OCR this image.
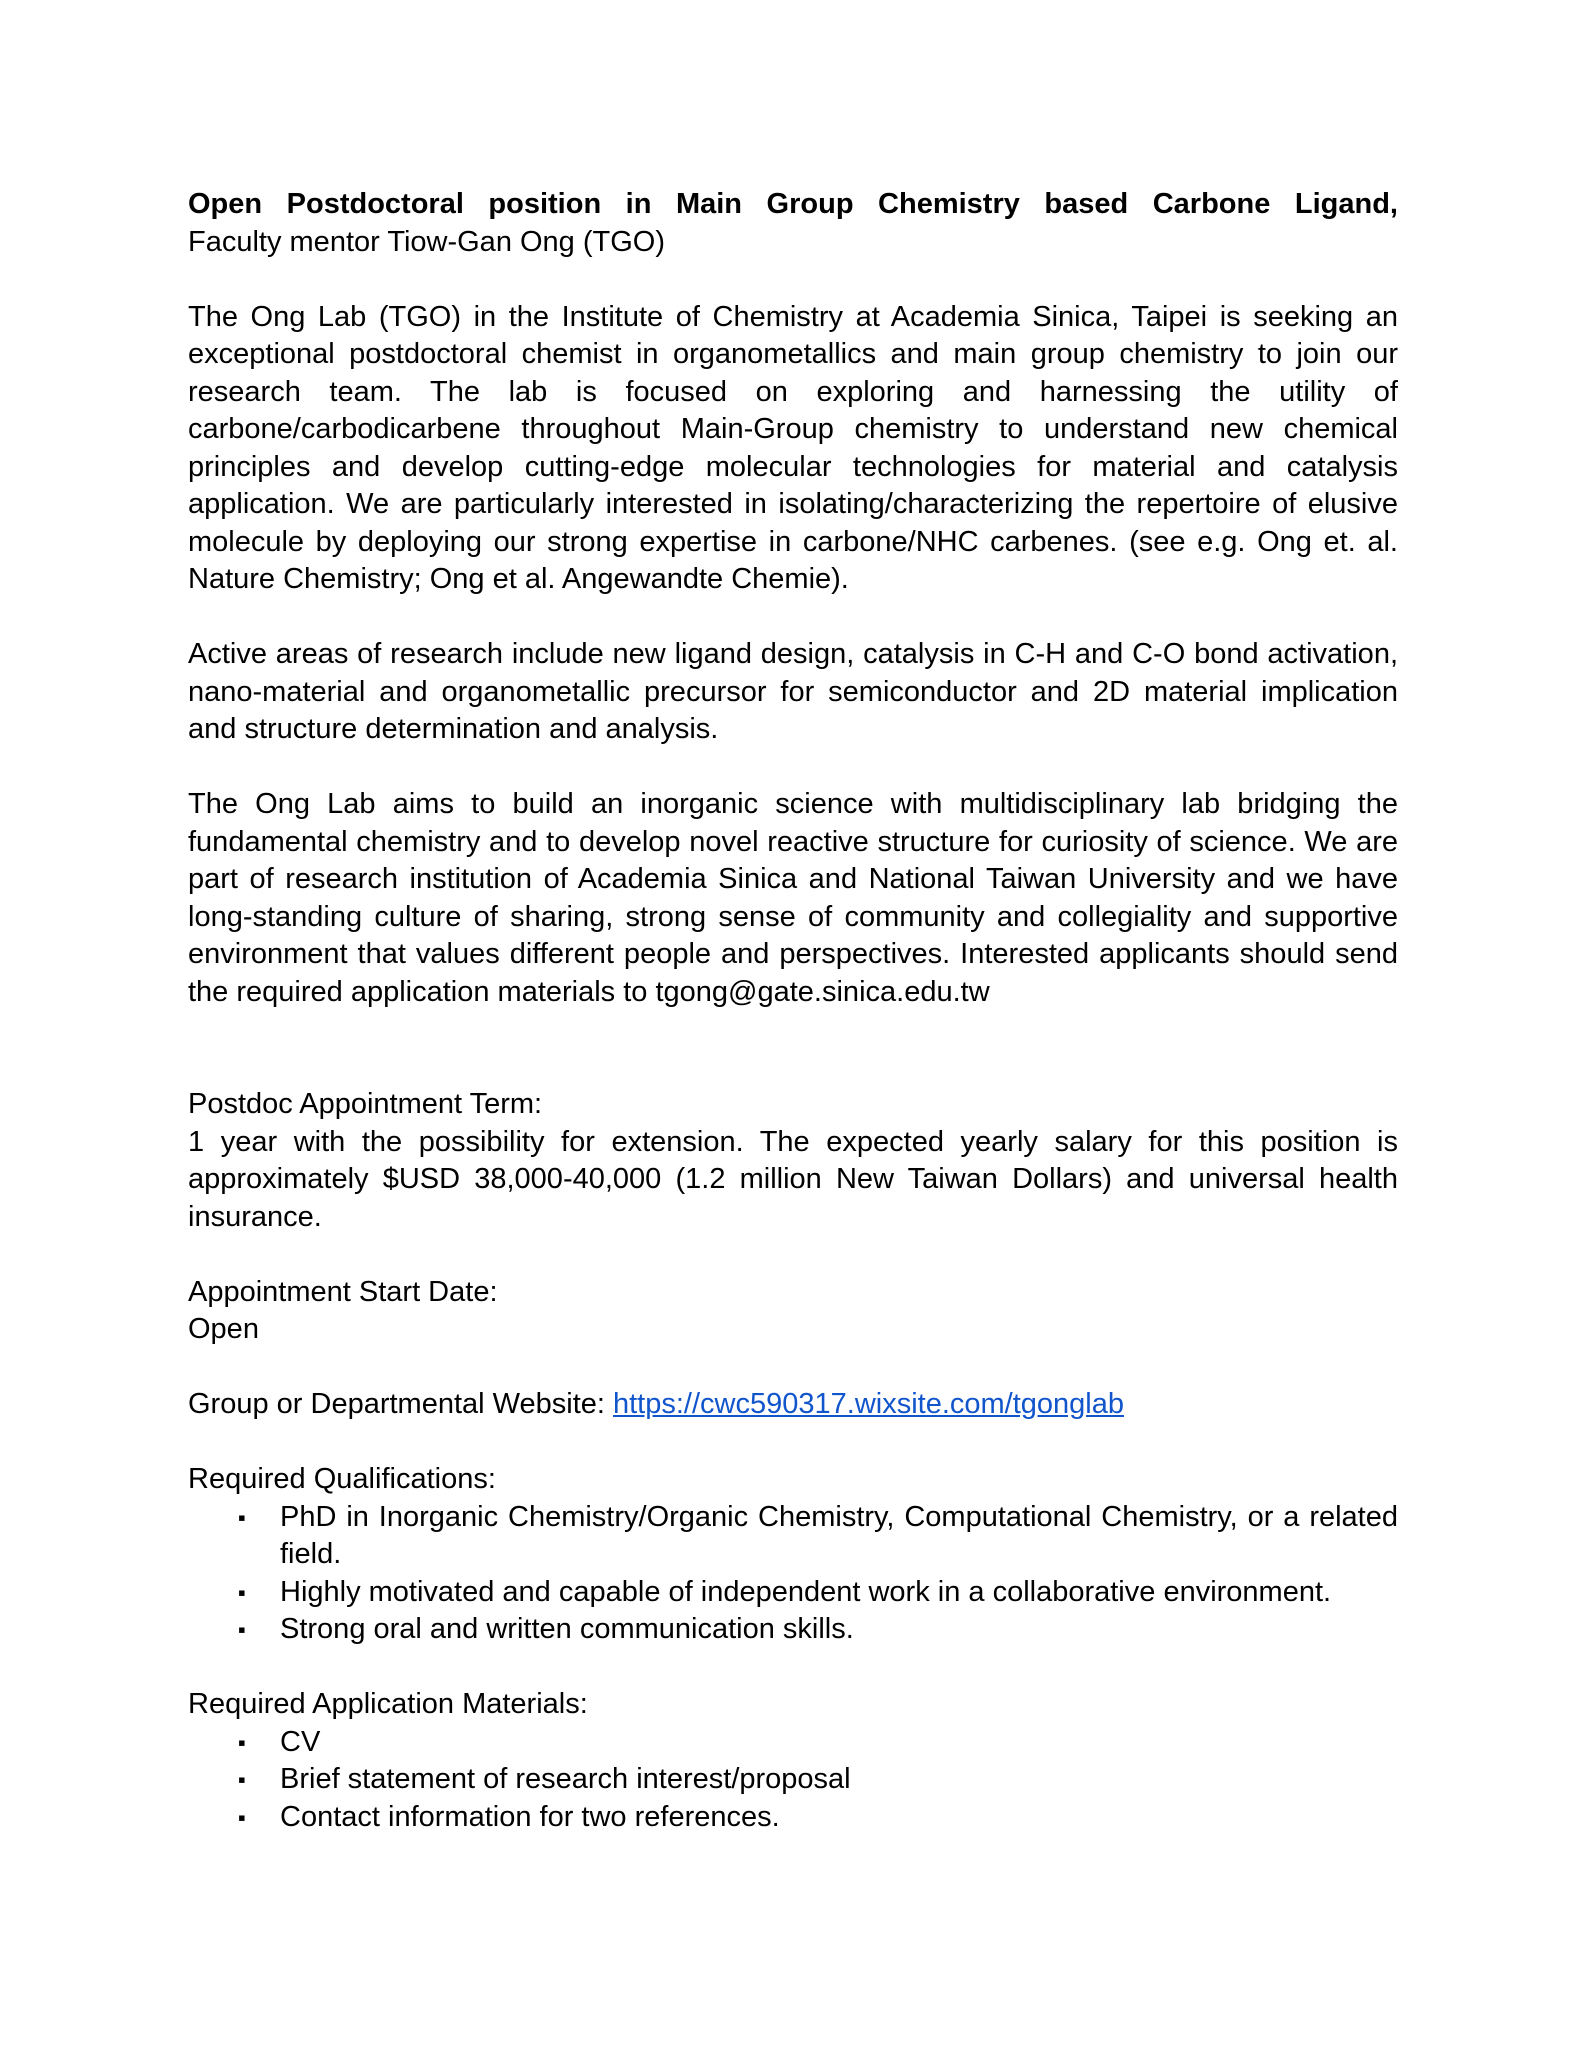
Open Postdoctoral position in Main Group Chemistry based Carbone Ligand,

Faculty mentor Tiow-Gan Ong (TGO)

The Ong Lab (TGO) in the Institute of Chemistry at Academia Sinica, Taipei is seeking an exceptional postdoctoral chemist in organometallics and main group chemistry to join our research team. The lab is focused on exploring and harnessing the utility of carbone/carbodicarbene throughout Main-Group chemistry to understand new chemical principles and develop cutting-edge molecular technologies for material and catalysis application. We are particularly interested in isolating/characterizing the repertoire of elusive molecule by deploying our strong expertise in carbone/NHC carbenes. (see e.g. Ong et. al. Nature Chemistry; Ong et al. Angewandte Chemie).

Active areas of research include new ligand design, catalysis in C-H and C-O bond activation, nano-material and organometallic precursor for semiconductor and 2D material implication and structure determination and analysis.

The Ong Lab aims to build an inorganic science with multidisciplinary lab bridging the fundamental chemistry and to develop novel reactive structure for curiosity of science. We are part of research institution of Academia Sinica and National Taiwan University and we have long-standing culture of sharing, strong sense of community and collegiality and supportive environment that values different people and perspectives. Interested applicants should send the required application materials to tgong@gate.sinica.edu.tw

Postdoc Appointment Term:

1 year with the possibility for extension. The expected yearly salary for this position is approximately $USD 38,000-40,000 (1.2 million New Taiwan Dollars) and universal health insurance.

Appointment Start Date:
Open
Group or Departmental Website: https://cwc590317.wixsite.com/tgonglab
Required Qualifications:
▪ PhD in Inorganic Chemistry/Organic Chemistry, Computational Chemistry, or a related field.
▪ Highly motivated and capable of independent work in a collaborative environment.
▪ Strong oral and written communication skills.
Required Application Materials:
▪ CV
▪ Brief statement of research interest/proposal
▪ Contact information for two references.
